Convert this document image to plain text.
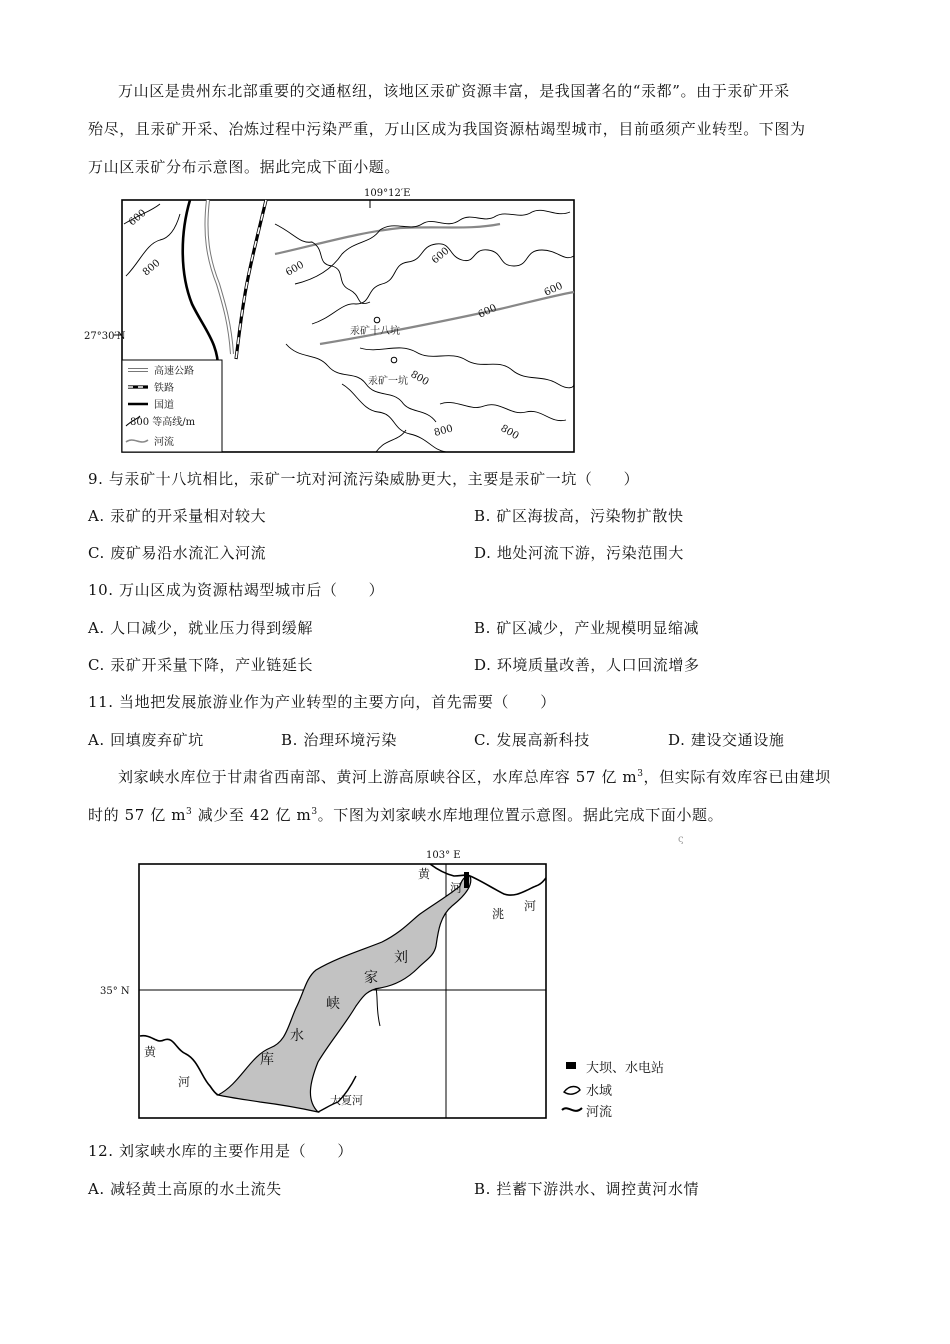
万山区是贵州东北部重要的交通枢纽，该地区汞矿资源丰富，是我国著名的“汞都”。由于汞矿开采
殆尽，且汞矿开采、冶炼过程中污染严重，万山区成为我国资源枯竭型城市，目前亟须产业转型。下图为
万山区汞矿分布示意图。据此完成下面小题。
109°12′E
27°30′N
600
800	600
600
600
600
800
800	800
汞矿十八坑
汞矿一坑
高速公路
铁路
国道
800 等高线/m
河流
9. 与汞矿十八坑相比，汞矿一坑对河流污染威胁更大，主要是汞矿一坑（　　）
A. 汞矿的开采量相对较大	B. 矿区海拔高，污染物扩散快
C. 废矿易沿水流汇入河流	D. 地处河流下游，污染范围大
10. 万山区成为资源枯竭型城市后（　　）
A. 人口减少，就业压力得到缓解	B. 矿区减少，产业规模明显缩减
C. 汞矿开采量下降，产业链延长	D. 环境质量改善，人口回流增多
11. 当地把发展旅游业作为产业转型的主要方向，首先需要（　　）
A. 回填废弃矿坑	B. 治理环境污染	C. 发展高新科技	D. 建设交通设施
刘家峡水库位于甘肃省西南部、黄河上游高原峡谷区，水库总库容 57 亿 $m^3$，但实际有效库容已由建坝
时的 57 亿 $m^3$ 减少至 42 亿 $m^3$。下图为刘家峡水库地理位置示意图。据此完成下面小题。
ς
103° E
35° N
黄
河
洮
河
刘
家
峡
水
库
黄
河
大夏河
大坝、水电站
水域
河流
12. 刘家峡水库的主要作用是（　　）
A. 减轻黄土高原的水土流失	B. 拦蓄下游洪水、调控黄河水情
